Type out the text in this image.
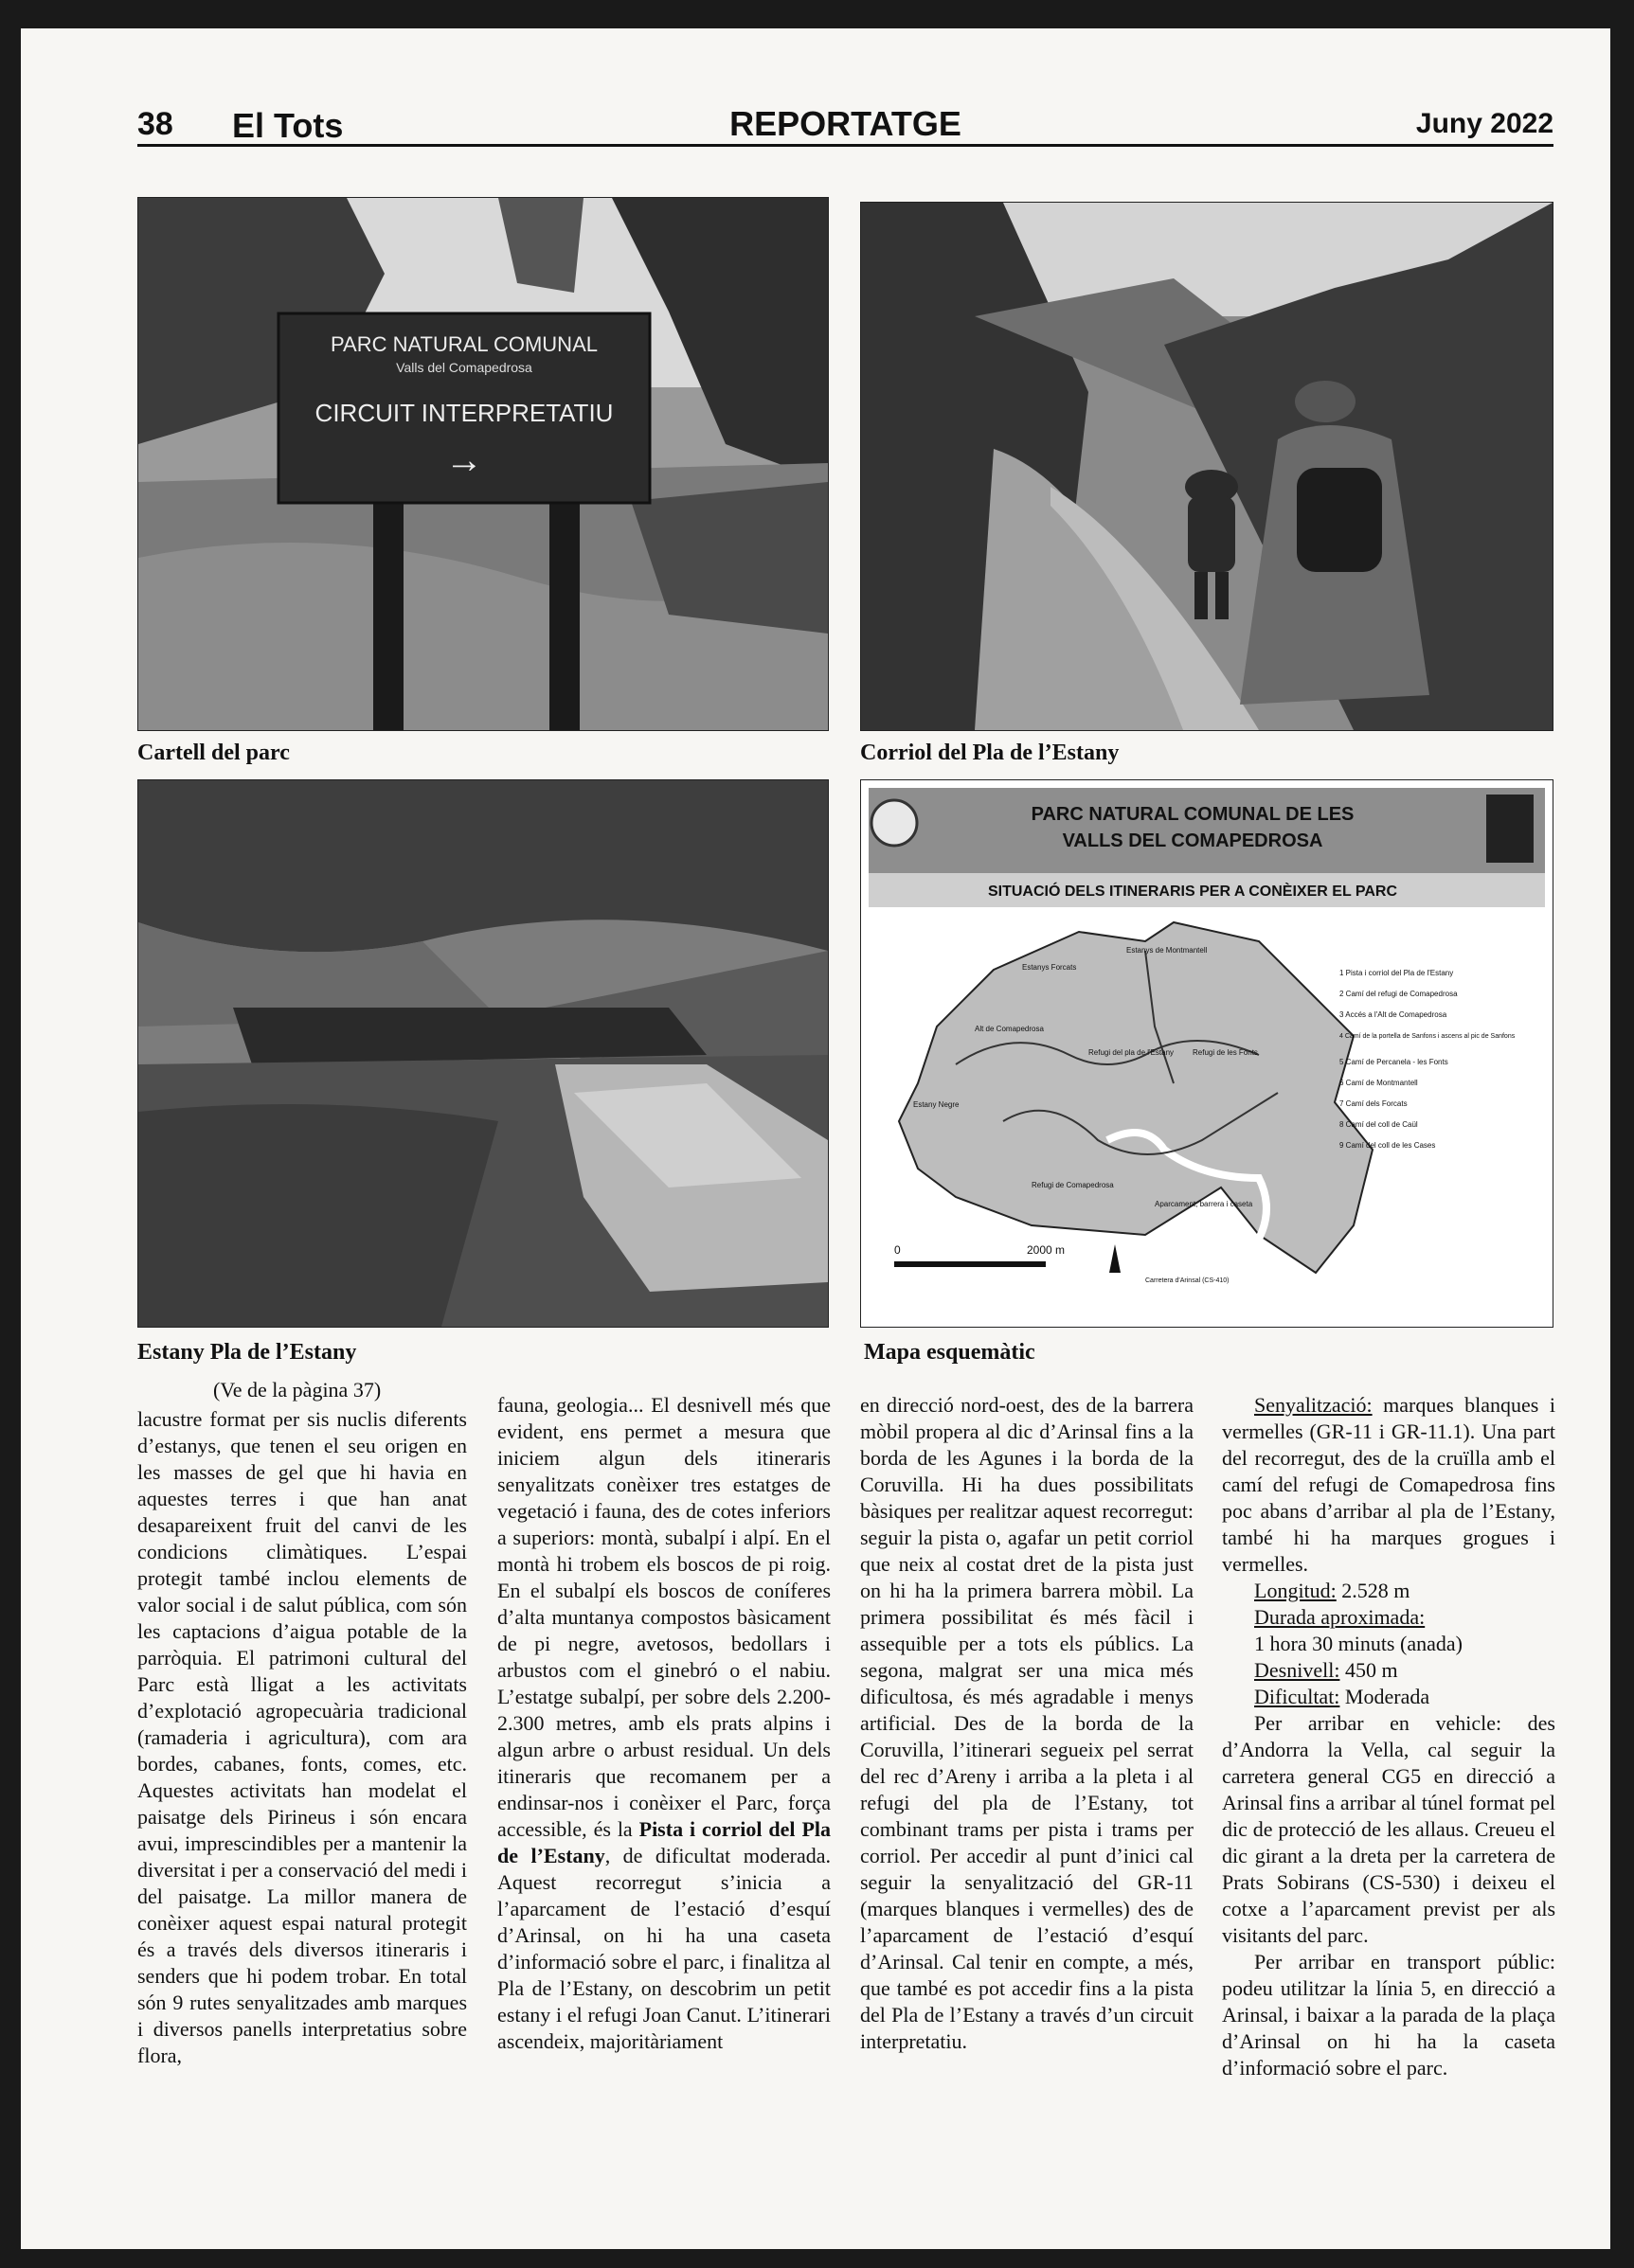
38 El Tots	REPORTATGE	Juny 2022
PARC NATURAL COMUNAL
Valls del Comapedrosa
CIRCUIT INTERPRETATIU
→
Cartell del parc	Corriol del Pla de l’Estany
Estany Pla de l’Estany
PARC NATURAL COMUNAL DE LES
VALLS DEL COMAPEDROSA
SITUACIÓ DELS ITINERARIS PER A CONÈIXER EL PARC
Estanys Forcats
Estanys de Montmantell
Alt de Comapedrosa
Refugi del pla de l'Estany Refugi de les Fonts
Estany Negre
Refugi de Comapedrosa
Aparcament, barrera i caseta
Carretera d'Arinsal (CS-410)
1 Pista i corriol del Pla de l'Estany
2 Camí del refugi de Comapedrosa
3 Accés a l'Alt de Comapedrosa
4 Camí de la portella de Sanfons i ascens al pic de Sanfons
5 Camí de Percanela - les Fonts
6 Camí de Montmantell
7 Camí dels Forcats
8 Camí del coll de Caül
9 Camí del coll de les Cases
0	2000 m
Mapa esquemàtic
(Ve de la pàgina 37)

lacustre format per sis nuclis diferents d’estanys, que tenen el seu origen en les masses de gel que hi havia en aquestes terres i que han anat desapareixent fruit del canvi de les condicions climàtiques. L’espai protegit també inclou elements de valor social i de salut pública, com són les captacions d’aigua potable de la parròquia. El patrimoni cultural del Parc està lligat a les activitats d’explotació agropecuària tradicional (ramaderia i agricultura), com ara bordes, cabanes, fonts, comes, etc. Aquestes activitats han modelat el paisatge dels Pirineus i són encara avui, imprescindibles per a mantenir la diversitat i per a conservació del medi i del paisatge. La millor manera de conèixer aquest espai natural protegit és a través dels diversos itineraris i senders que hi podem trobar. En total són 9 rutes senyalitzades amb marques i diversos panells interpretatius sobre flora,

fauna, geologia... El desnivell més que evident, ens permet a mesura que iniciem algun dels itineraris senyalitzats conèixer tres estatges de vegetació i fauna, des de cotes inferiors a superiors: montà, subalpí i alpí. En el montà hi trobem els boscos de pi roig. En el subalpí els boscos de coníferes d’alta muntanya compostos bàsicament de pi negre, avetosos, bedollars i arbustos com el ginebró o el nabiu. L’estatge subalpí, per sobre dels 2.200-2.300 metres, amb els prats alpins i algun arbre o arbust residual. Un dels itineraris que recomanem per a endinsar-nos i conèixer el Parc, força accessible, és la Pista i corriol del Pla de l’Estany, de dificultat moderada. Aquest recorregut s’inicia a l’aparcament de l’estació d’esquí d’Arinsal, on hi ha una caseta d’informació sobre el parc, i finalitza al Pla de l’Estany, on descobrim un petit estany i el refugi Joan Canut. L’itinerari ascendeix, majoritàriament

en direcció nord-oest, des de la barrera mòbil propera al dic d’Arinsal fins a la borda de les Agunes i la borda de la Coruvilla. Hi ha dues possibilitats bàsiques per realitzar aquest recorregut: seguir la pista o, agafar un petit corriol que neix al costat dret de la pista just on hi ha la primera barrera mòbil. La primera possibilitat és més fàcil i assequible per a tots els públics. La segona, malgrat ser una mica més dificultosa, és més agradable i menys artificial. Des de la borda de la Coruvilla, l’itinerari segueix pel serrat del rec d’Areny i arriba a la pleta i al refugi del pla de l’Estany, tot combinant trams per pista i trams per corriol. Per accedir al punt d’inici cal seguir la senyalització del GR-11 (marques blanques i vermelles) des de l’aparcament de l’estació d’esquí d’Arinsal. Cal tenir en compte, a més, que també es pot accedir fins a la pista del Pla de l’Estany a través d’un circuit interpretatiu.

Senyalització: marques blanques i vermelles (GR-11 i GR-11.1). Una part del recorregut, des de la cruïlla amb el camí del refugi de Comapedrosa fins poc abans d’arribar al pla de l’Estany, també hi ha marques grogues i vermelles.

Longitud: 2.528 m
Durada aproximada:
1 hora 30 minuts (anada)
Desnivell: 450 m
Dificultat: Moderada

Per arribar en vehicle: des d’Andorra la Vella, cal seguir la carretera general CG5 en direcció a Arinsal fins a arribar al túnel format pel dic de protecció de les allaus. Creueu el dic girant a la dreta per la carretera de Prats Sobirans (CS-530) i deixeu el cotxe a l’aparcament previst per als visitants del parc.

Per arribar en transport públic: podeu utilitzar la línia 5, en direcció a Arinsal, i baixar a la parada de la plaça d’Arinsal on hi ha la caseta d’informació sobre el parc.
